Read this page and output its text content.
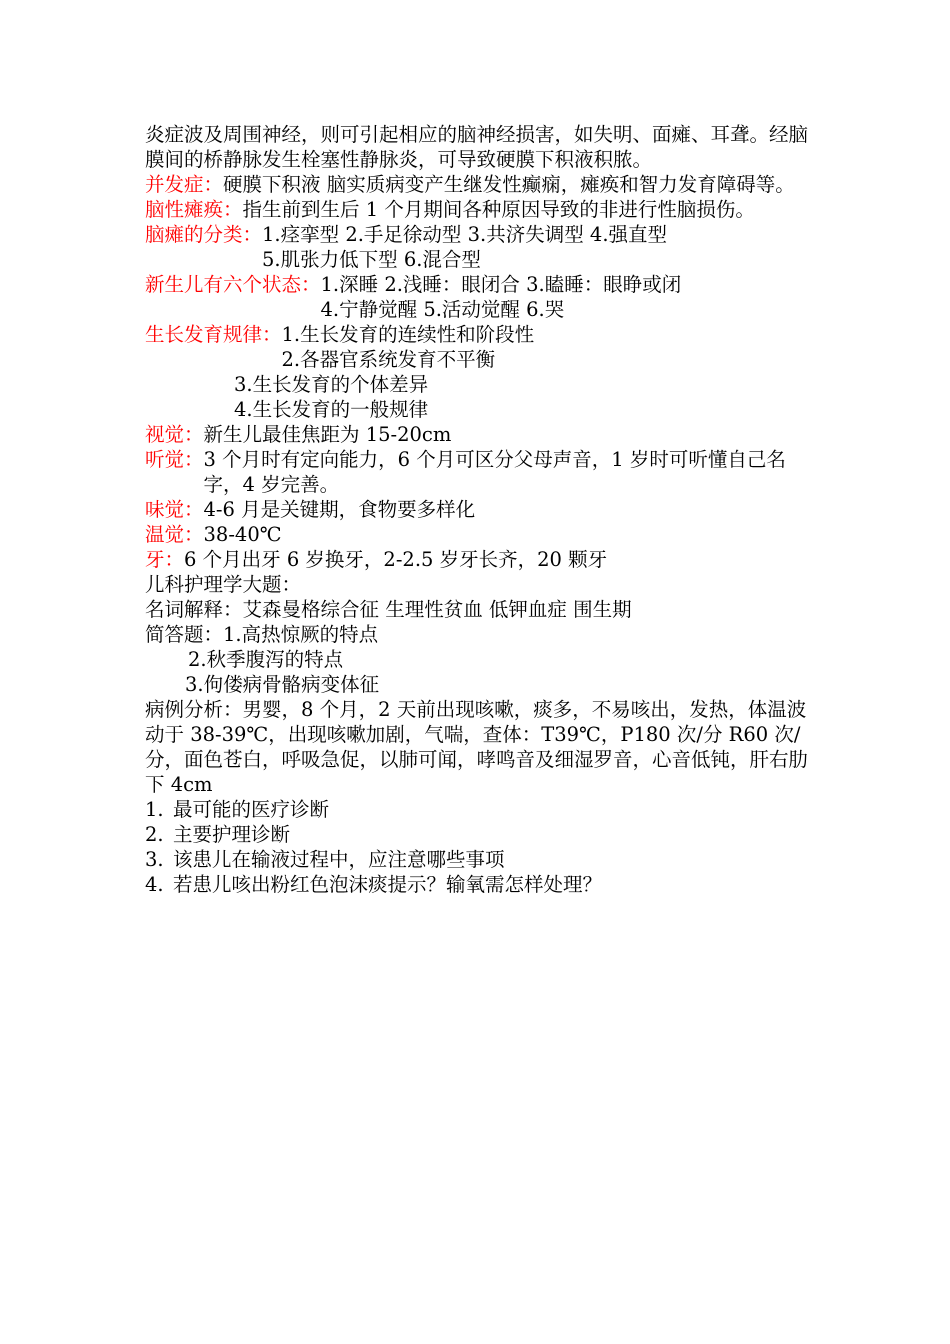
炎症波及周围神经，则可引起相应的脑神经损害，如失明、面瘫、耳聋。经脑膜间的桥静脉发生栓塞性静脉炎，可导致硬膜下积液积脓。
并发症： 硬膜下积液 脑实质病变产生继发性癫痫，瘫痪和智力发育障碍等。
脑性瘫痪：指生前到生后 1 个月期间各种原因导致的非进行性脑损伤。
脑瘫的分类： 1.痉挛型 2.手足徐动型 3.共济失调型 4.强直型
5.肌张力低下型 6.混合型
新生儿有六个状态： 1.深睡 2.浅睡：眼闭合 3.瞌睡：眼睁或闭
4.宁静觉醒 5.活动觉醒 6.哭
生长发育规律： 1.生长发育的连续性和阶段性
2.各器官系统发育不平衡
3.生长发育的个体差异
4.生长发育的一般规律
视觉： 新生儿最佳焦距为 15-20cm
听觉： 3 个月时有定向能力，6 个月可区分父母声音，1 岁时可听懂自己名字，4 岁完善。
味觉： 4-6 月是关键期，食物要多样化
温觉： 38-40℃
牙： 6 个月出牙 6 岁换牙，2-2.5 岁牙长齐，20 颗牙
儿科护理学大题：
名词解释：艾森曼格综合征 生理性贫血 低钾血症 围生期
简答题：1.高热惊厥的特点
2.秋季腹泻的特点
3.佝偻病骨骼病变体征
病例分析：男婴，8 个月，2 天前出现咳嗽，痰多，不易咳出，发热，体温波动于 38-39℃，出现咳嗽加剧，气喘，查体：T39℃，P180 次/分 R60 次/分，面色苍白，呼吸急促，以肺可闻，哮鸣音及细湿罗音，心音低钝，肝右肋下 4cm
1. 最可能的医疗诊断
2. 主要护理诊断
3. 该患儿在输液过程中，应注意哪些事项
4. 若患儿咳出粉红色泡沫痰提示？输氧需怎样处理？
